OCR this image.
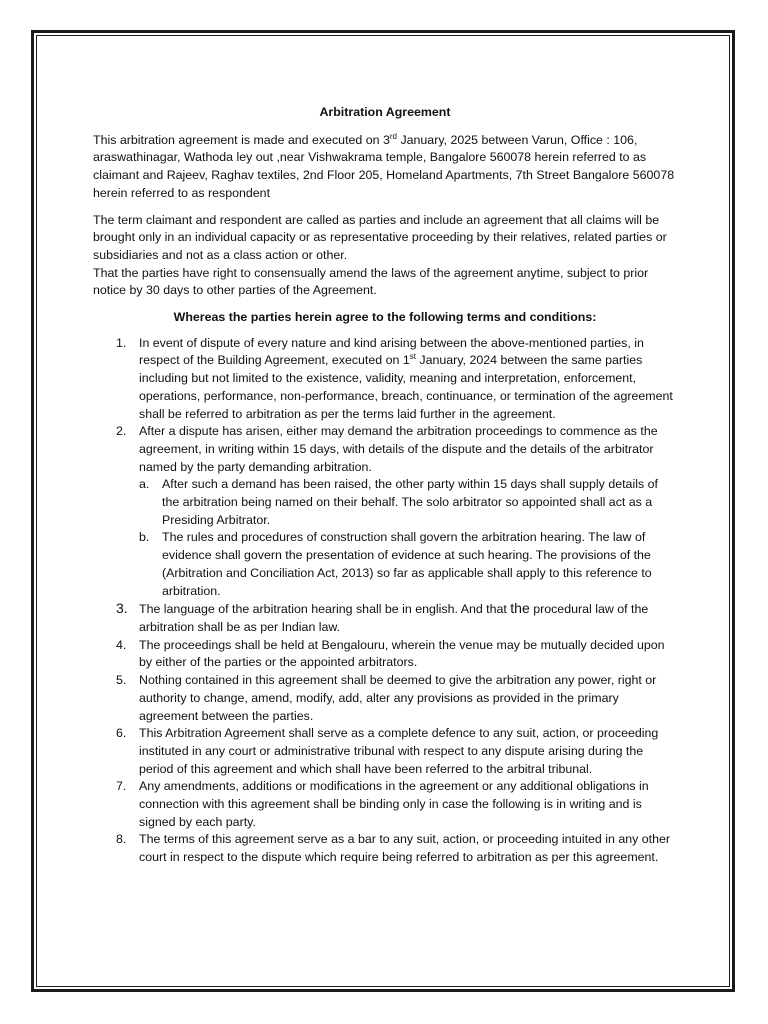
Arbitration Agreement

This arbitration agreement is made and executed on 3rd January, 2025 between Varun, Office : 106, araswathinagar, Wathoda ley out ,near Vishwakrama temple, Bangalore 560078 herein referred to as claimant and Rajeev, Raghav textiles, 2nd Floor 205, Homeland Apartments, 7th Street Bangalore 560078 herein referred to as respondent

The term claimant and respondent are called as parties and include an agreement that all claims will be brought only in an individual capacity or as representative proceeding by their relatives, related parties or subsidiaries and not as a class action or other.

That the parties have right to consensually amend the laws of the agreement anytime, subject to prior notice by 30 days to other parties of the Agreement.

Whereas the parties herein agree to the following terms and conditions:

1. In event of dispute of every nature and kind arising between the above-mentioned parties, in respect of the Building Agreement, executed on 1st January, 2024 between the same parties including but not limited to the existence, validity, meaning and interpretation, enforcement, operations, performance, non-performance, breach, continuance, or termination of the agreement shall be referred to arbitration as per the terms laid further in the agreement.
2. After a dispute has arisen, either may demand the arbitration proceedings to commence as the agreement, in writing within 15 days, with details of the dispute and the details of the arbitrator named by the party demanding arbitration.
a. After such a demand has been raised, the other party within 15 days shall supply details of the arbitration being named on their behalf. The solo arbitrator so appointed shall act as a Presiding Arbitrator.
b. The rules and procedures of construction shall govern the arbitration hearing. The law of evidence shall govern the presentation of evidence at such hearing. The provisions of the (Arbitration and Conciliation Act, 2013) so far as applicable shall apply to this reference to arbitration.
3. The language of the arbitration hearing shall be in english. And that the procedural law of the arbitration shall be as per Indian law.
4. The proceedings shall be held at Bengalouru, wherein the venue may be mutually decided upon by either of the parties or the appointed arbitrators.
5. Nothing contained in this agreement shall be deemed to give the arbitration any power, right or authority to change, amend, modify, add, alter any provisions as provided in the primary agreement between the parties.
6. This Arbitration Agreement shall serve as a complete defence to any suit, action, or proceeding instituted in any court or administrative tribunal with respect to any dispute arising during the period of this agreement and which shall have been referred to the arbitral tribunal.
7. Any amendments, additions or modifications in the agreement or any additional obligations in connection with this agreement shall be binding only in case the following is in writing and is signed by each party.
8. The terms of this agreement serve as a bar to any suit, action, or proceeding intuited in any other court in respect to the dispute which require being referred to arbitration as per this agreement.
